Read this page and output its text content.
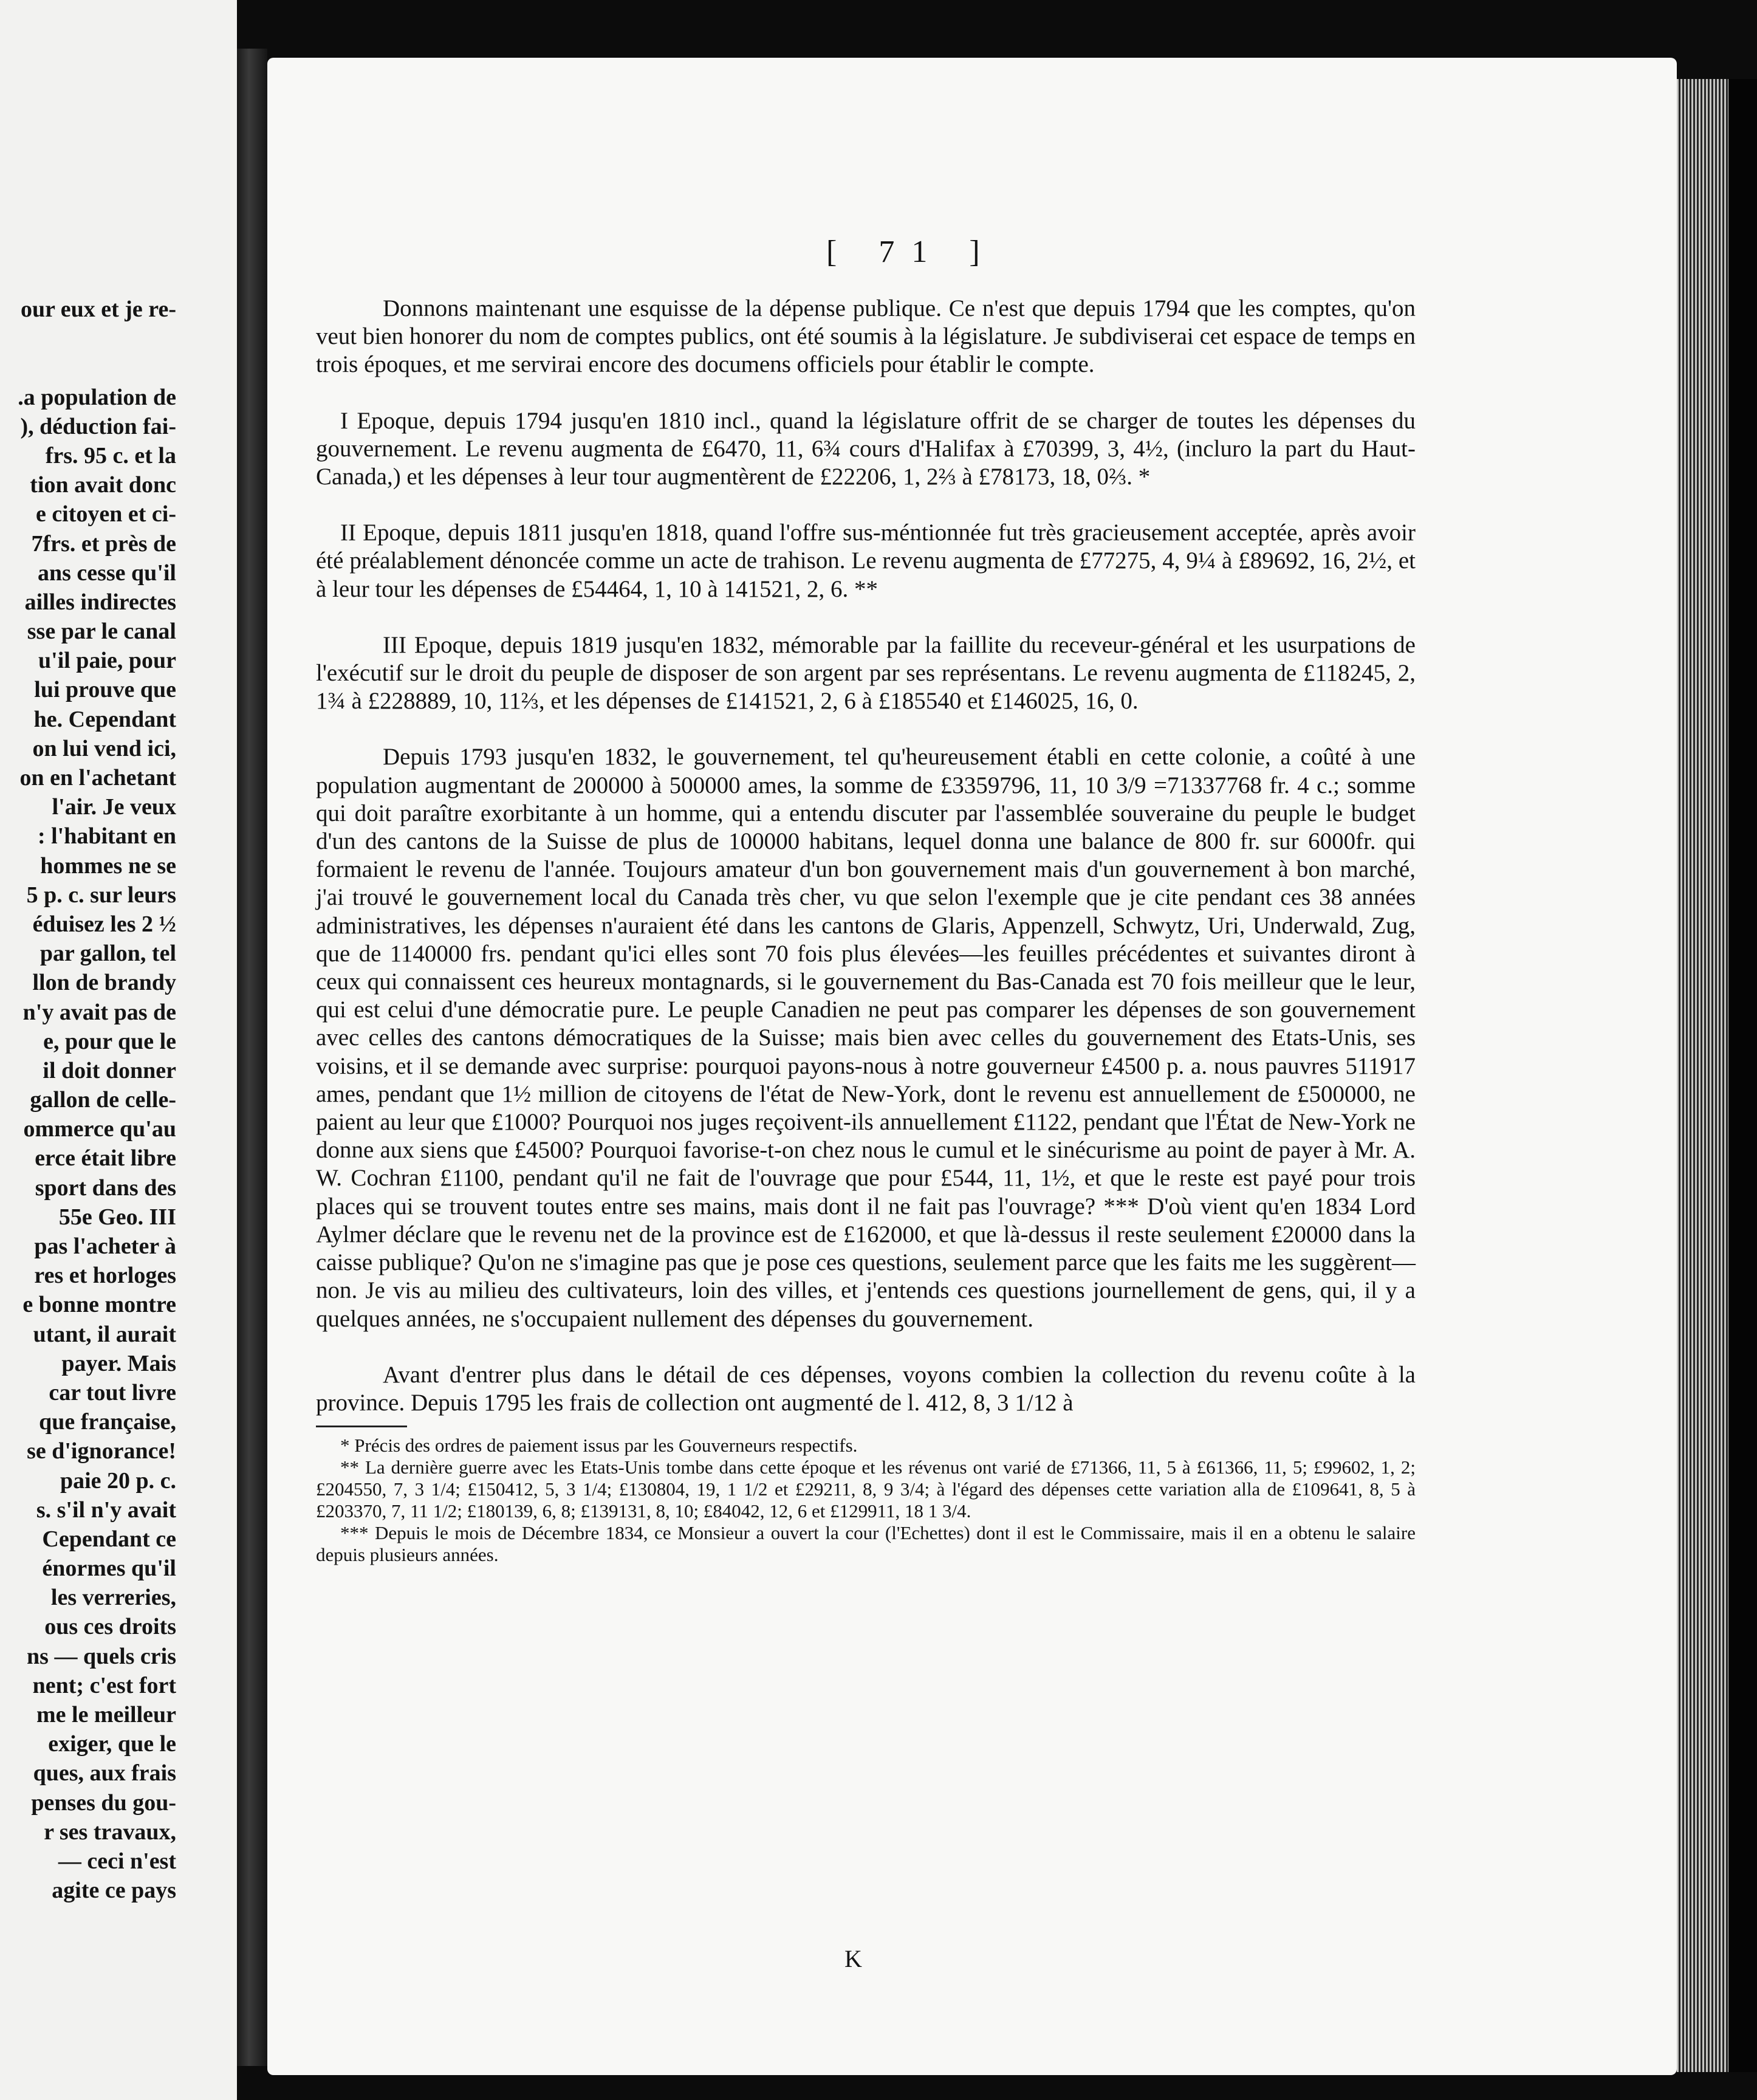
our eux et je re-
.a population de
), déduction fai-
frs. 95 c. et la
tion avait donc
e citoyen et ci-
7frs. et près de
ans cesse qu'il
ailles indirectes
sse par le canal
u'il paie, pour
lui prouve que
he. Cependant
on lui vend ici,
on en l'achetant
l'air. Je veux
: l'habitant en
hommes ne se
5 p. c. sur leurs
éduisez les 2 ½
par gallon, tel
llon de brandy
n'y avait pas de
e, pour que le
il doit donner
gallon de celle-
ommerce qu'au
erce était libre
sport dans des
55e Geo. III
pas l'acheter à
res et horloges
e bonne montre
utant, il aurait
payer. Mais
car tout livre
que française,
se d'ignorance!
paie 20 p. c.
s. s'il n'y avait
Cependant ce
énormes qu'il
les verreries,
ous ces droits
ns — quels cris
nent; c'est fort
me le meilleur
exiger, que le
ques, aux frais
penses du gou-
r ses travaux,
— ceci n'est
agite ce pays
[ 71 ]

Donnons maintenant une esquisse de la dépense publique. Ce n'est que depuis 1794 que les comptes, qu'on veut bien honorer du nom de comptes publics, ont été soumis à la législature. Je subdiviserai cet espace de temps en trois époques, et me servirai encore des documens officiels pour établir le compte.

I Epoque, depuis 1794 jusqu'en 1810 incl., quand la législature offrit de se charger de toutes les dépenses du gouvernement. Le revenu augmenta de £6470, 11, 6¾ cours d'Halifax à £70399, 3, 4½, (incluro la part du Haut-Canada,) et les dépenses à leur tour augmentèrent de £22206, 1, 2⅔ à £78173, 18, 0⅔. *

II Epoque, depuis 1811 jusqu'en 1818, quand l'offre sus-méntionnée fut très gracieusement acceptée, après avoir été préalablement dénoncée comme un acte de trahison. Le revenu augmenta de £77275, 4, 9¼ à £89692, 16, 2½, et à leur tour les dépenses de £54464, 1, 10 à 141521, 2, 6. **

III Epoque, depuis 1819 jusqu'en 1832, mémorable par la faillite du receveur-général et les usurpations de l'exécutif sur le droit du peuple de disposer de son argent par ses représentans. Le revenu augmenta de £118245, 2, 1¾ à £228889, 10, 11⅔, et les dépenses de £141521, 2, 6 à £185540 et £146025, 16, 0.

Depuis 1793 jusqu'en 1832, le gouvernement, tel qu'heureusement établi en cette colonie, a coûté à une population augmentant de 200000 à 500000 ames, la somme de £3359796, 11, 10 3/9 =71337768 fr. 4 c.; somme qui doit paraître exorbitante à un homme, qui a entendu discuter par l'assemblée souveraine du peuple le budget d'un des cantons de la Suisse de plus de 100000 habitans, lequel donna une balance de 800 fr. sur 6000fr. qui formaient le revenu de l'année. Toujours amateur d'un bon gouvernement mais d'un gouvernement à bon marché, j'ai trouvé le gouvernement local du Canada très cher, vu que selon l'exemple que je cite pendant ces 38 années administratives, les dépenses n'auraient été dans les cantons de Glaris, Appenzell, Schwytz, Uri, Underwald, Zug, que de 1140000 frs. pendant qu'ici elles sont 70 fois plus élevées—les feuilles précédentes et suivantes diront à ceux qui connaissent ces heureux montagnards, si le gouvernement du Bas-Canada est 70 fois meilleur que le leur, qui est celui d'une démocratie pure. Le peuple Canadien ne peut pas comparer les dépenses de son gouvernement avec celles des cantons démocratiques de la Suisse; mais bien avec celles du gouvernement des Etats-Unis, ses voisins, et il se demande avec surprise: pourquoi payons-nous à notre gouverneur £4500 p. a. nous pauvres 511917 ames, pendant que 1½ million de citoyens de l'état de New-York, dont le revenu est annuellement de £500000, ne paient au leur que £1000? Pourquoi nos juges reçoivent-ils annuellement £1122, pendant que l'État de New-York ne donne aux siens que £4500? Pourquoi favorise-t-on chez nous le cumul et le sinécurisme au point de payer à Mr. A. W. Cochran £1100, pendant qu'il ne fait de l'ouvrage que pour £544, 11, 1½, et que le reste est payé pour trois places qui se trouvent toutes entre ses mains, mais dont il ne fait pas l'ouvrage? *** D'où vient qu'en 1834 Lord Aylmer déclare que le revenu net de la province est de £162000, et que là-dessus il reste seulement £20000 dans la caisse publique? Qu'on ne s'imagine pas que je pose ces questions, seulement parce que les faits me les suggèrent—non. Je vis au milieu des cultivateurs, loin des villes, et j'entends ces questions journellement de gens, qui, il y a quelques années, ne s'occupaient nullement des dépenses du gouvernement.

Avant d'entrer plus dans le détail de ces dépenses, voyons combien la collection du revenu coûte à la province. Depuis 1795 les frais de collection ont augmenté de l. 412, 8, 3 1/12 à

* Précis des ordres de paiement issus par les Gouverneurs respectifs.
** La dernière guerre avec les Etats-Unis tombe dans cette époque et les révenus ont varié de £71366, 11, 5 à £61366, 11, 5; £99602, 1, 2; £204550, 7, 3 1/4; £150412, 5, 3 1/4; £130804, 19, 1 1/2 et £29211, 8, 9 3/4; à l'égard des dépenses cette variation alla de £109641, 8, 5 à £203370, 7, 11 1/2; £180139, 6, 8; £139131, 8, 10; £84042, 12, 6 et £129911, 18 1 3/4.
*** Depuis le mois de Décembre 1834, ce Monsieur a ouvert la cour (l'Echettes) dont il est le Commissaire, mais il en a obtenu le salaire depuis plusieurs années.
K
